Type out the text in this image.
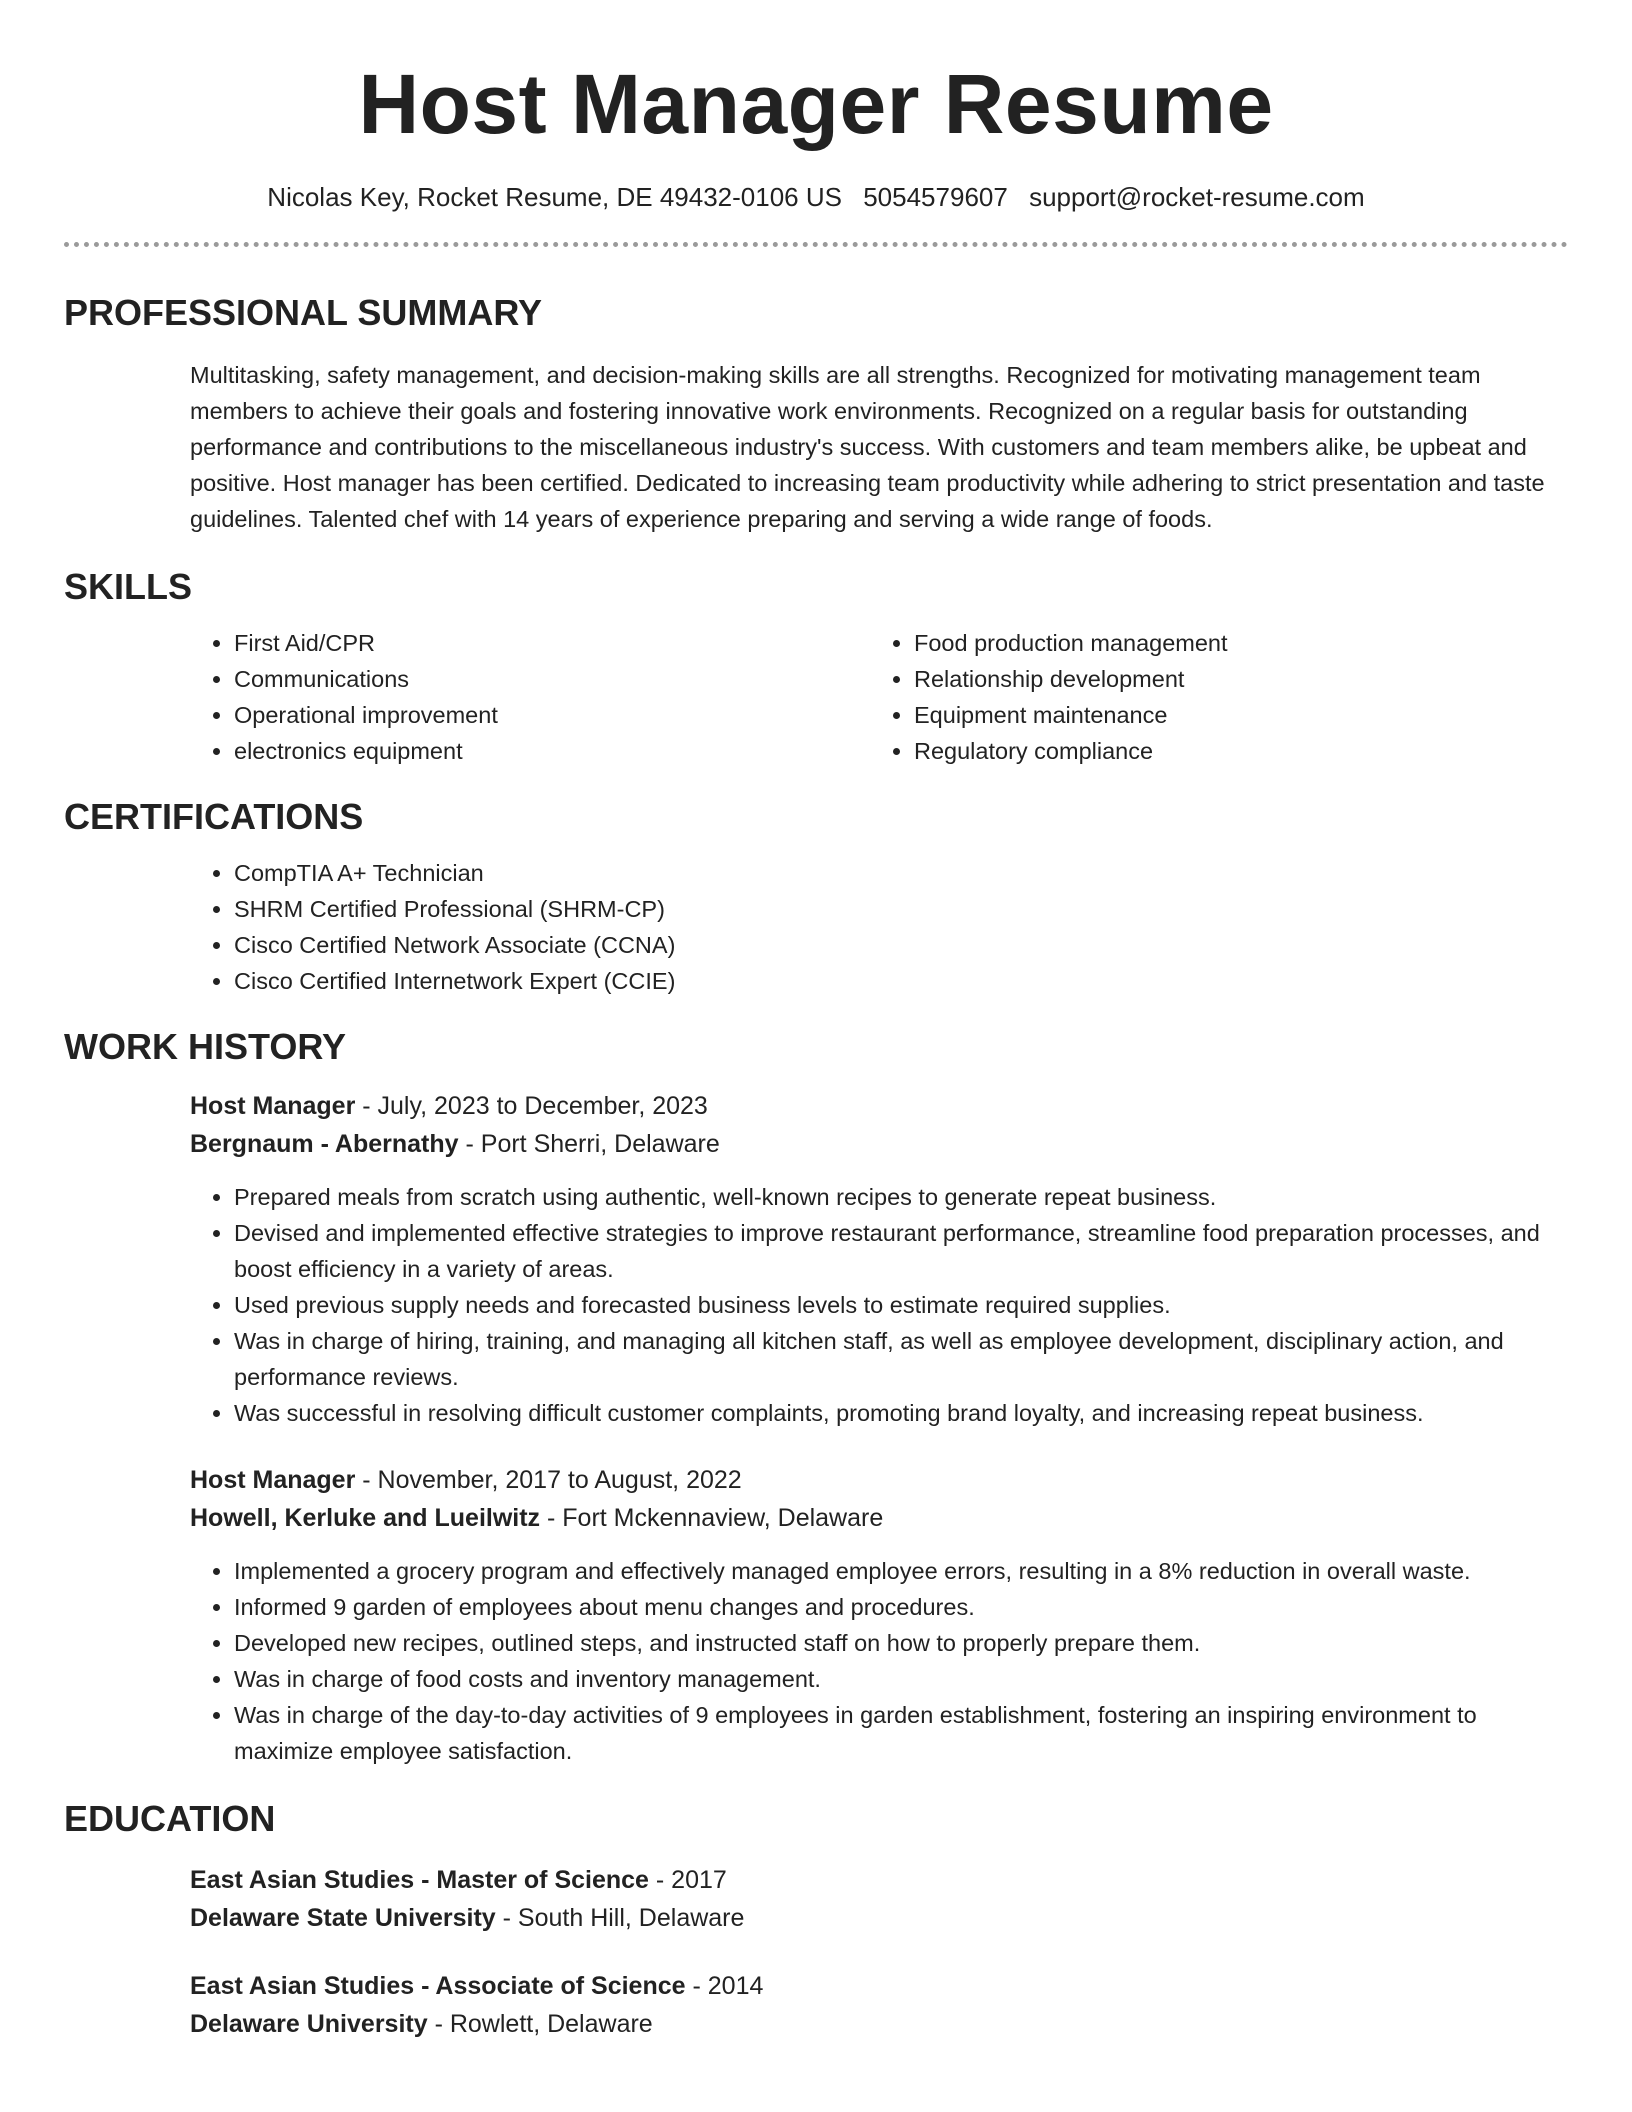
Host Manager Resume
Nicolas Key, Rocket Resume, DE 49432-0106 US 5054579607 support@rocket-resume.com
PROFESSIONAL SUMMARY

Multitasking, safety management, and decision-making skills are all strengths. Recognized for motivating management team members to achieve their goals and fostering innovative work environments. Recognized on a regular basis for outstanding performance and contributions to the miscellaneous industry's success. With customers and team members alike, be upbeat and positive. Host manager has been certified. Dedicated to increasing team productivity while adhering to strict presentation and taste guidelines. Talented chef with 14 years of experience preparing and serving a wide range of foods.

SKILLS
• First Aid/CPR
• Communications
• Operational improvement
• electronics equipment
• Food production management
• Relationship development
• Equipment maintenance
• Regulatory compliance
CERTIFICATIONS
• CompTIA A+ Technician
• SHRM Certified Professional (SHRM-CP)
• Cisco Certified Network Associate (CCNA)
• Cisco Certified Internetwork Expert (CCIE)
WORK HISTORY
Host Manager - July, 2023 to December, 2023
Bergnaum - Abernathy - Port Sherri, Delaware
• Prepared meals from scratch using authentic, well-known recipes to generate repeat business.
• Devised and implemented effective strategies to improve restaurant performance, streamline food preparation processes, and boost efficiency in a variety of areas.
• Used previous supply needs and forecasted business levels to estimate required supplies.
• Was in charge of hiring, training, and managing all kitchen staff, as well as employee development, disciplinary action, and performance reviews.
• Was successful in resolving difficult customer complaints, promoting brand loyalty, and increasing repeat business.
Host Manager - November, 2017 to August, 2022
Howell, Kerluke and Lueilwitz - Fort Mckennaview, Delaware
• Implemented a grocery program and effectively managed employee errors, resulting in a 8% reduction in overall waste.
• Informed 9 garden of employees about menu changes and procedures.
• Developed new recipes, outlined steps, and instructed staff on how to properly prepare them.
• Was in charge of food costs and inventory management.
• Was in charge of the day-to-day activities of 9 employees in garden establishment, fostering an inspiring environment to maximize employee satisfaction.
EDUCATION
East Asian Studies - Master of Science - 2017
Delaware State University - South Hill, Delaware
East Asian Studies - Associate of Science - 2014
Delaware University - Rowlett, Delaware
